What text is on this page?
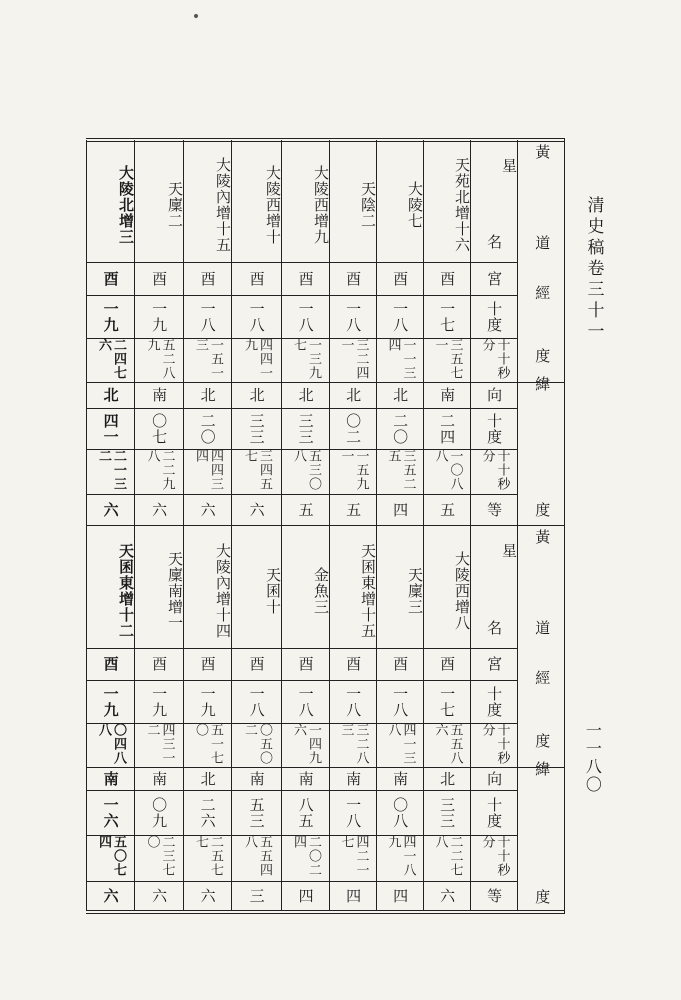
星
名
宮
十度
十十秒分
向
十度
十十秒分
等
黃
道
經
度
緯
度
天苑北增十六
酉
一七
三五七一
南
二四
一〇八八
五
大陵七
酉
一八
一一三四
北
二〇
三五二五
四
天陰二
酉
一八
三二四一
北
〇二
一五九一
五
大陵西增九
酉
一八
一三九七
北
三三
五三〇八
五
大陵西增十
酉
一八
四四一九
北
三三
三四五七
六
大陵內增十五
酉
一八
一五一三
北
二〇
四四三四
六
天廩二
酉
一九
五二八九
南
〇七
二二九八
六
大陵北增三
酉
一九
二四七六
北
四一
二一三二
六
星
名
宮
十度
十十秒分
向
十度
十十秒分
等
黃
道
經
度
緯
度
大陵西增八
酉
一七
五五八六
北
三三
二二七八
六
天廩三
酉
一八
四一三八
南
〇八
四一八九
四
天囷東增十五
酉
一八
三二八三
南
一八
四二一七
四
金魚三
酉
一八
一四九六
南
八五
二〇二四
四
天囷十
酉
一八
〇五〇二
南
五三
五五四八
三
大陵內增十四
酉
一九
五一七〇
北
二六
二五七七
六
天廩南增一
酉
一九
四三一二
南
〇九
二三七〇
六
天囷東增十二
酉
一九
〇四八八
南
一六
五〇七四
六
清史稿卷三十一
一一八〇
